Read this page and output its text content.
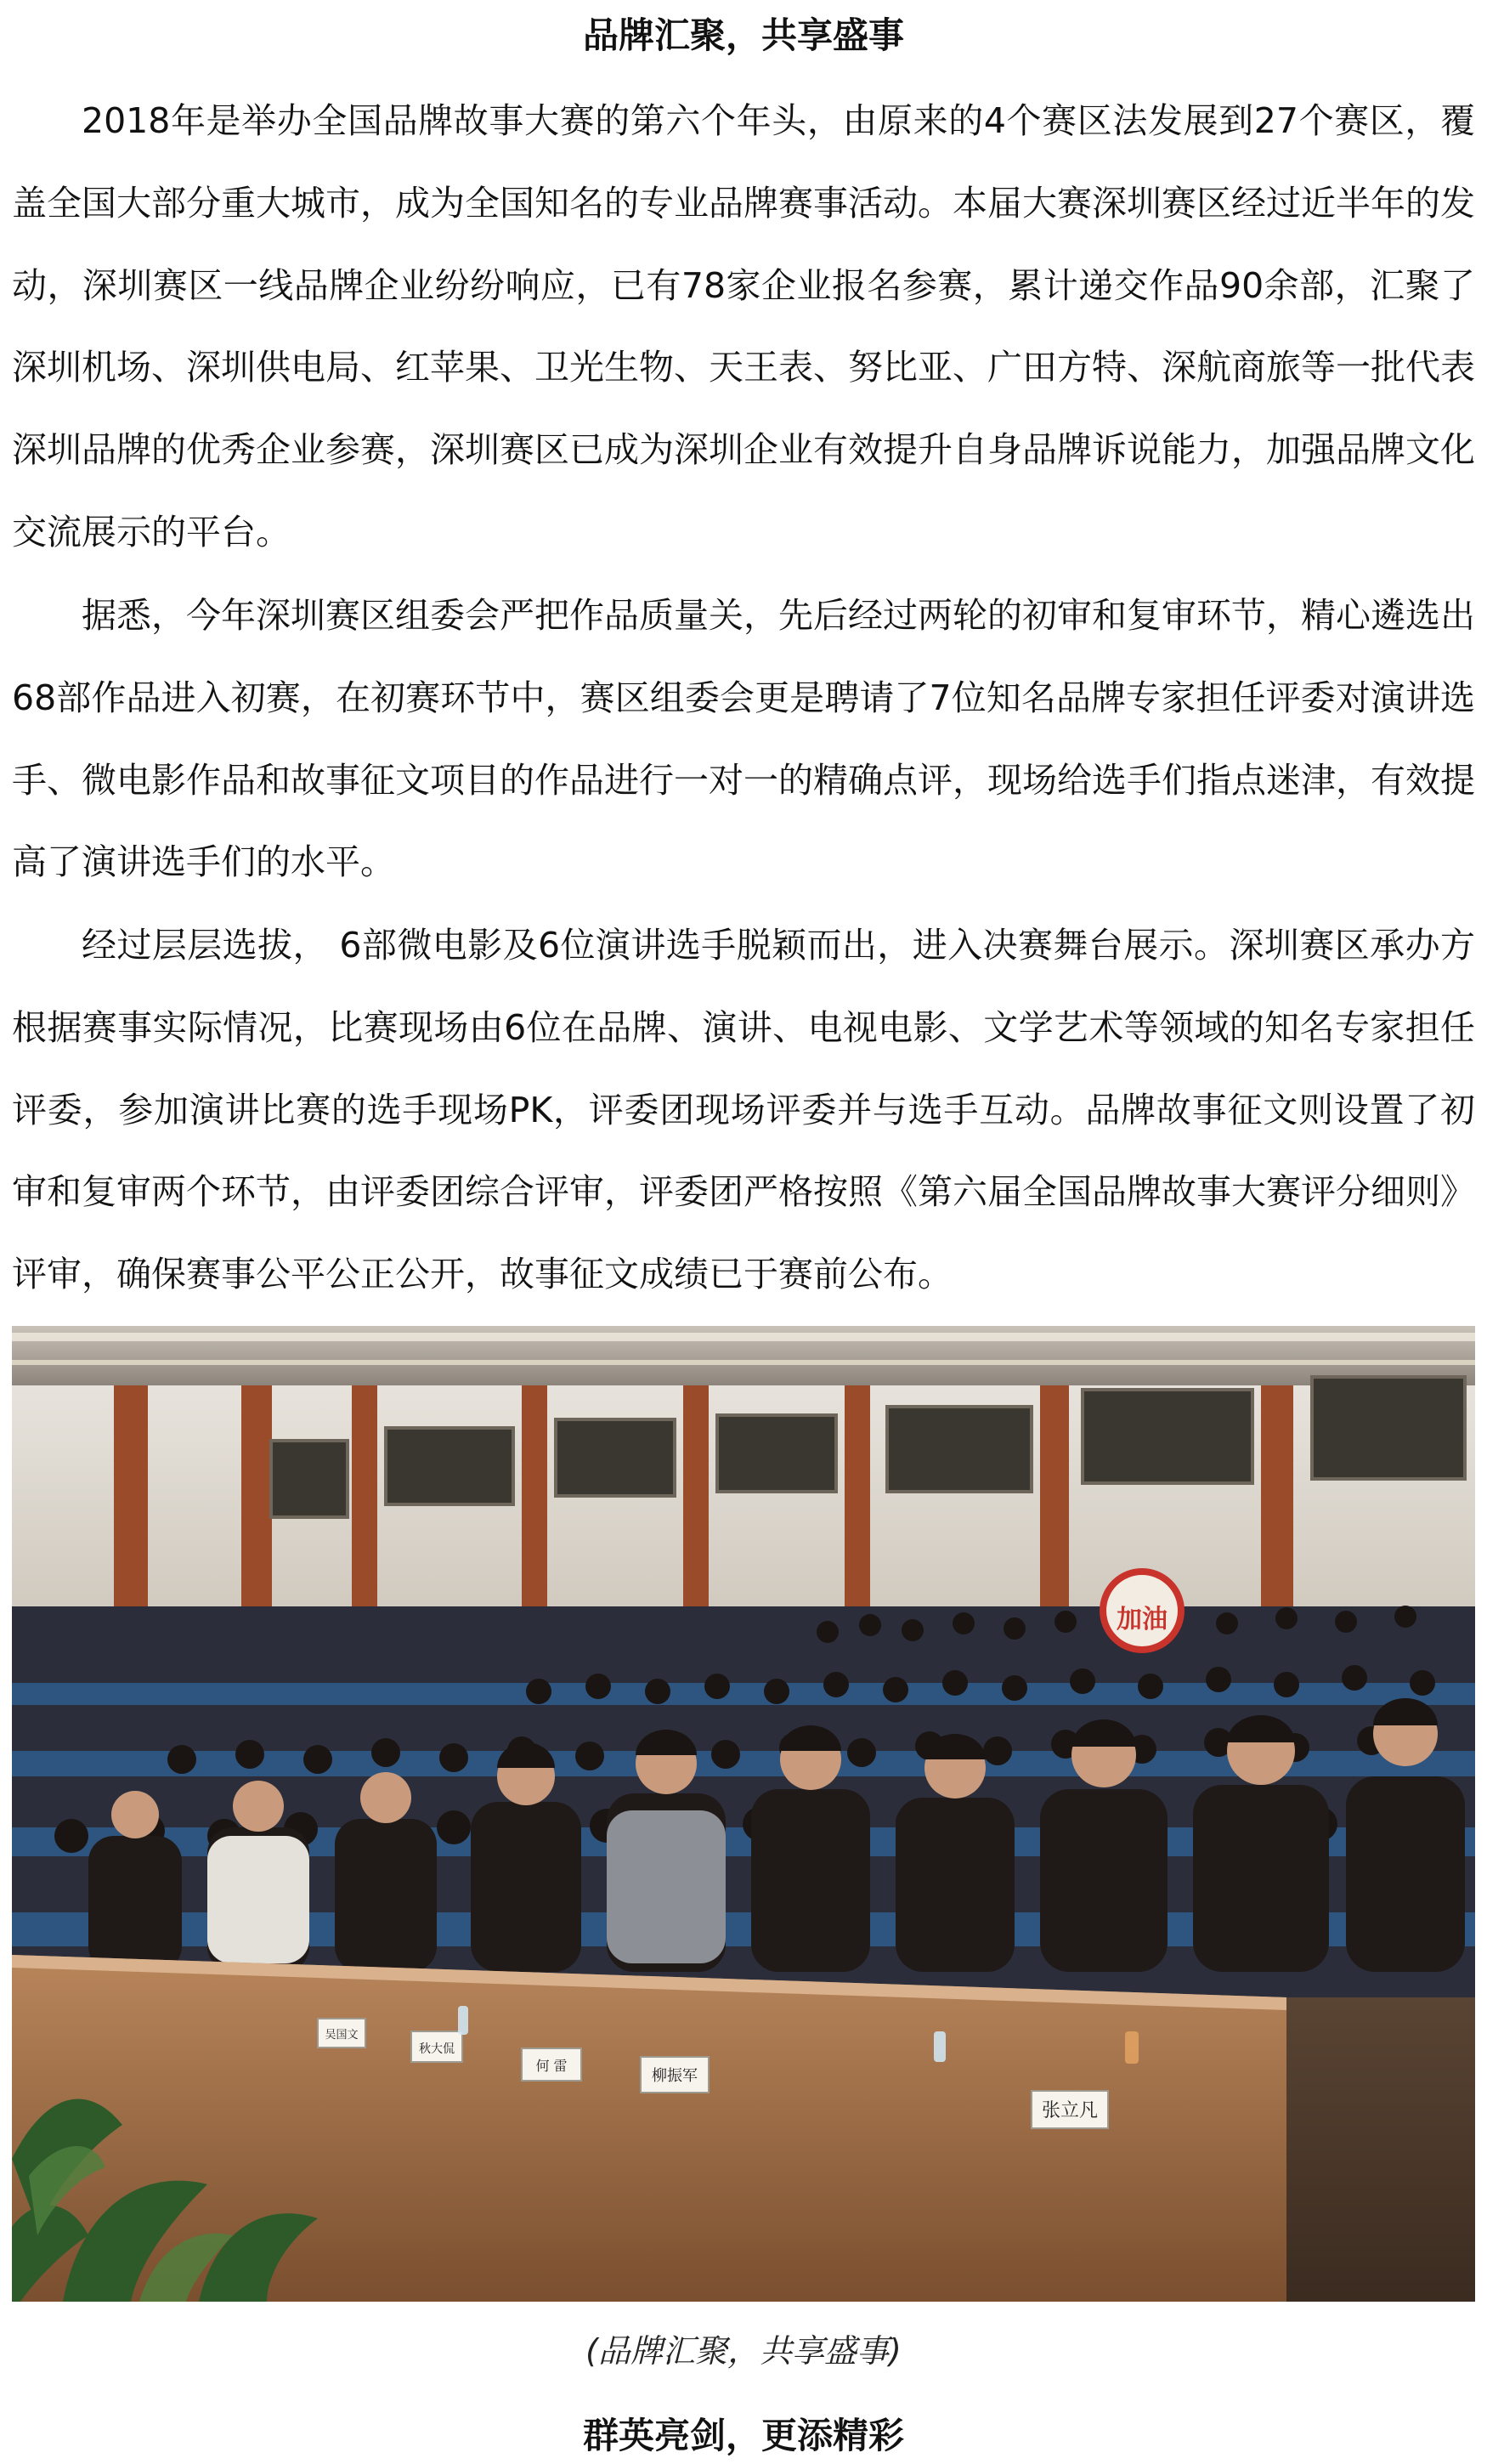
品牌汇聚，共享盛事

2018年是举办全国品牌故事大赛的第六个年头，由原来的4个赛区法发展到27个赛区，覆盖全国大部分重大城市，成为全国知名的专业品牌赛事活动。本届大赛深圳赛区经过近半年的发动，深圳赛区一线品牌企业纷纷响应，已有78家企业报名参赛，累计递交作品90余部，汇聚了深圳机场、深圳供电局、红苹果、卫光生物、天王表、努比亚、广田方特、深航商旅等一批代表深圳品牌的优秀企业参赛，深圳赛区已成为深圳企业有效提升自身品牌诉说能力，加强品牌文化交流展示的平台。

据悉，今年深圳赛区组委会严把作品质量关，先后经过两轮的初审和复审环节，精心遴选出68部作品进入初赛，在初赛环节中，赛区组委会更是聘请了7位知名品牌专家担任评委对演讲选手、微电影作品和故事征文项目的作品进行一对一的精确点评，现场给选手们指点迷津，有效提高了演讲选手们的水平。

经过层层选拔， 6部微电影及6位演讲选手脱颖而出，进入决赛舞台展示。深圳赛区承办方根据赛事实际情况，比赛现场由6位在品牌、演讲、电视电影、文学艺术等领域的知名专家担任评委，参加演讲比赛的选手现场PK，评委团现场评委并与选手互动。品牌故事征文则设置了初审和复审两个环节，由评委团综合评审，评委团严格按照《第六届全国品牌故事大赛评分细则》评审，确保赛事公平公正公开，故事征文成绩已于赛前公布。

加油
张立凡
柳振军
何 雷
秋大侃
吴国文
(品牌汇聚，共享盛事)
群英亮剑，更添精彩
